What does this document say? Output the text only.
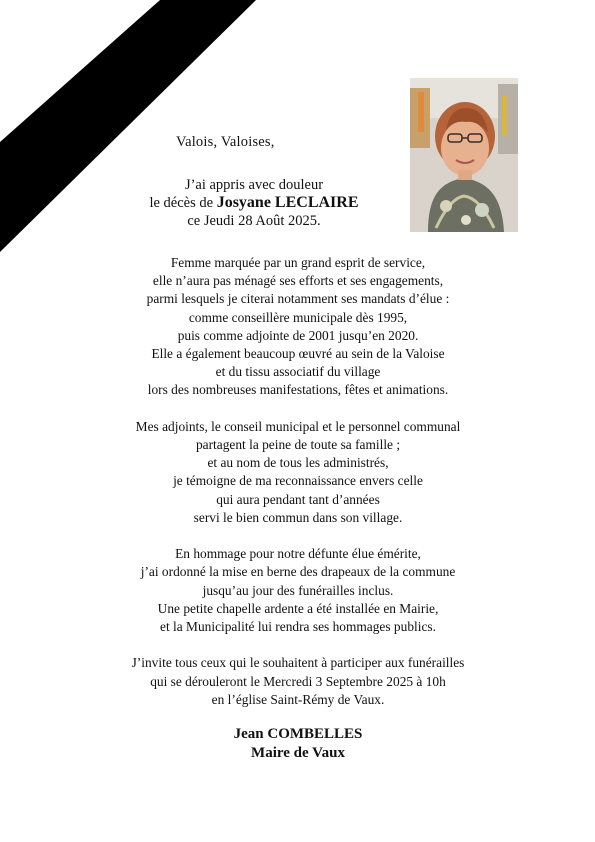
Valois, Valoises,
J’ai appris avec douleur
le décès de Josyane LECLAIRE
ce Jeudi 28 Août 2025.
Femme marquée par un grand esprit de service,
elle n’aura pas ménagé ses efforts et ses engagements,
parmi lesquels je citerai notamment ses mandats d’élue :
comme conseillère municipale dès 1995,
puis comme adjointe de 2001 jusqu’en 2020.
Elle a également beaucoup œuvré au sein de la Valoise
et du tissu associatif du village
lors des nombreuses manifestations, fêtes et animations.
Mes adjoints, le conseil municipal et le personnel communal
partagent la peine de toute sa famille ;
et au nom de tous les administrés,
je témoigne de ma reconnaissance envers celle
qui aura pendant tant d’années
servi le bien commun dans son village.
En hommage pour notre défunte élue émérite,
j’ai ordonné la mise en berne des drapeaux de la commune
jusqu’au jour des funérailles inclus.
Une petite chapelle ardente a été installée en Mairie,
et la Municipalité lui rendra ses hommages publics.
J’invite tous ceux qui le souhaitent à participer aux funérailles
qui se dérouleront le Mercredi 3 Septembre 2025 à 10h
en l’église Saint-Rémy de Vaux.
Jean COMBELLES
Maire de Vaux
